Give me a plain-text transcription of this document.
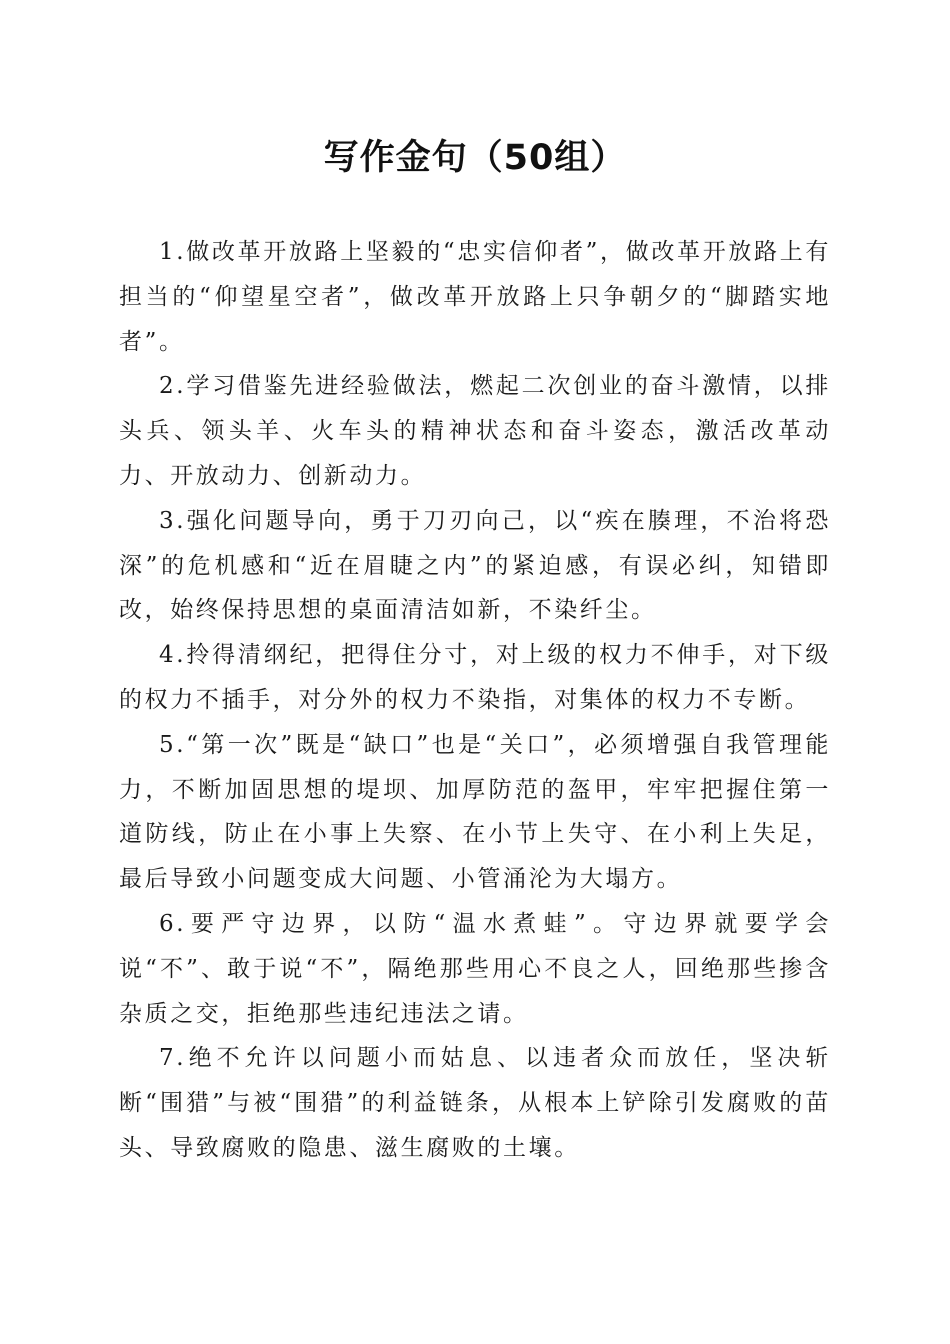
写作金句（50组）

1.做改革开放路上坚毅的“忠实信仰者”，做改革开放路上有担当的“仰望星空者”，做改革开放路上只争朝夕的“脚踏实地者”。

2.学习借鉴先进经验做法，燃起二次创业的奋斗激情，以排头兵、领头羊、火车头的精神状态和奋斗姿态，激活改革动力、开放动力、创新动力。

3.强化问题导向，勇于刀刃向己，以“疾在腠理，不治将恐深”的危机感和“近在眉睫之内”的紧迫感，有误必纠，知错即改，始终保持思想的桌面清洁如新，不染纤尘。

4.拎得清纲纪，把得住分寸，对上级的权力不伸手，对下级的权力不插手，对分外的权力不染指，对集体的权力不专断。

5.“第一次”既是“缺口”也是“关口”，必须增强自我管理能力，不断加固思想的堤坝、加厚防范的盔甲，牢牢把握住第一道防线，防止在小事上失察、在小节上失守、在小利上失足，最后导致小问题变成大问题、小管涌沦为大塌方。

6.要严守边界，以防“温水煮蛙”。守边界就要学会说“不”、敢于说“不”，隔绝那些用心不良之人，回绝那些掺含杂质之交，拒绝那些违纪违法之请。

7.绝不允许以问题小而姑息、以违者众而放任，坚决斩断“围猎”与被“围猎”的利益链条，从根本上铲除引发腐败的苗头、导致腐败的隐患、滋生腐败的土壤。
